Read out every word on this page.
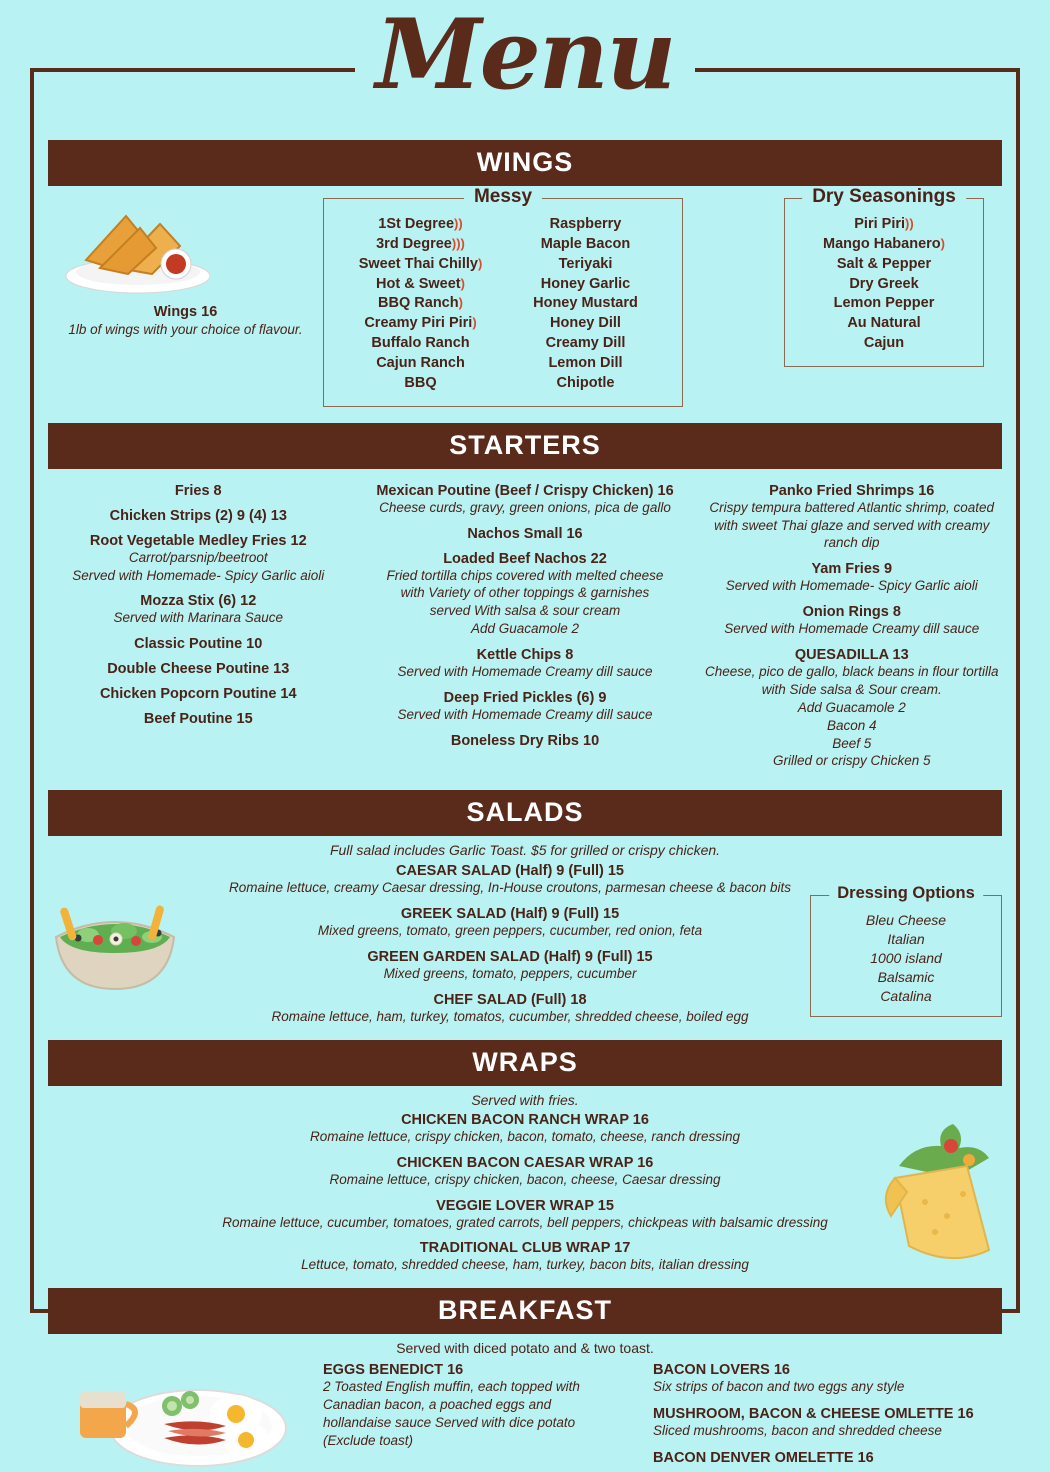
Menu
WINGS
Wings 16
1lb of wings with your choice of flavour.
Messy
1St Degree))
3rd Degree)))
Sweet Thai Chilly)
Hot & Sweet)
BBQ Ranch)
Creamy Piri Piri)
Buffalo Ranch
Cajun Ranch
BBQ
Raspberry
Maple Bacon
Teriyaki
Honey Garlic
Honey Mustard
Honey Dill
Creamy Dill
Lemon Dill
Chipotle
Dry Seasonings
Piri Piri))
Mango Habanero)
Salt & Pepper
Dry Greek
Lemon Pepper
Au Natural
Cajun
STARTERS
Fries 8
Chicken Strips (2) 9 (4) 13
Root Vegetable Medley Fries 12
Carrot/parsnip/beetroot
Served with Homemade- Spicy Garlic aioli
Mozza Stix (6) 12
Served with Marinara Sauce
Classic Poutine 10
Double Cheese Poutine 13
Chicken Popcorn Poutine 14
Beef Poutine 15
Mexican Poutine (Beef / Crispy Chicken) 16
Cheese curds, gravy, green onions, pica de gallo
Nachos Small 16
Loaded Beef Nachos 22
Fried tortilla chips covered with melted cheese
with Variety of other toppings & garnishes
served With salsa & sour cream
Add Guacamole 2
Kettle Chips 8
Served with Homemade Creamy dill sauce
Deep Fried Pickles (6) 9
Served with Homemade Creamy dill sauce
Boneless Dry Ribs 10
Panko Fried Shrimps 16
Crispy tempura battered Atlantic shrimp, coated
with sweet Thai glaze and served with creamy
ranch dip
Yam Fries 9
Served with Homemade- Spicy Garlic aioli
Onion Rings 8
Served with Homemade Creamy dill sauce
QUESADILLA 13
Cheese, pico de gallo, black beans in flour tortilla
with Side salsa & Sour cream.
Add Guacamole 2
Bacon 4
Beef 5
Grilled or crispy Chicken 5
SALADS
Full salad includes Garlic Toast. $5 for grilled or crispy chicken.
CAESAR SALAD (Half) 9 (Full) 15
Romaine lettuce, creamy Caesar dressing, In-House croutons, parmesan cheese & bacon bits
GREEK SALAD (Half) 9 (Full) 15
Mixed greens, tomato, green peppers, cucumber, red onion, feta
GREEN GARDEN SALAD (Half) 9 (Full) 15
Mixed greens, tomato, peppers, cucumber
CHEF SALAD (Full) 18
Romaine lettuce, ham, turkey, tomatos, cucumber, shredded cheese, boiled egg
Dressing Options
Bleu Cheese
Italian
1000 island
Balsamic
Catalina
WRAPS
Served with fries.
CHICKEN BACON RANCH WRAP 16
Romaine lettuce, crispy chicken, bacon, tomato, cheese, ranch dressing
CHICKEN BACON CAESAR WRAP 16
Romaine lettuce, crispy chicken, bacon, cheese, Caesar dressing
VEGGIE LOVER WRAP 15
Romaine lettuce, cucumber, tomatoes, grated carrots, bell peppers, chickpeas with balsamic dressing
TRADITIONAL CLUB WRAP 17
Lettuce, tomato, shredded cheese, ham, turkey, bacon bits, italian dressing
BREAKFAST
Served with diced potato and & two toast.
EGGS BENEDICT 16
2 Toasted English muffin, each topped with
Canadian bacon, a poached eggs and
hollandaise sauce Served with dice potato
(Exclude toast)
BACON LOVERS 16
Six strips of bacon and two eggs any style
MUSHROOM, BACON & CHEESE OMLETTE 16
Sliced mushrooms, bacon and shredded cheese
BACON DENVER OMELETTE 16
